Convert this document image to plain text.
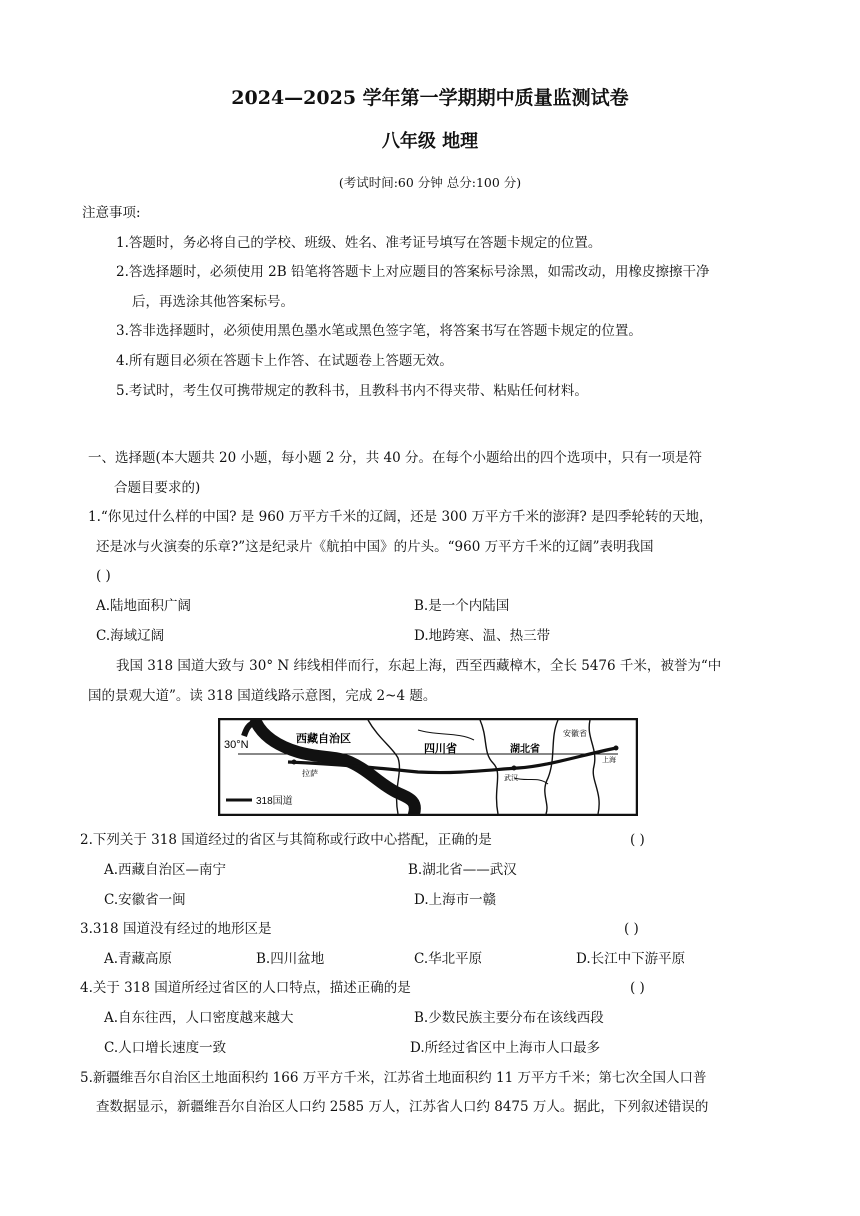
2024—2025 学年第一学期期中质量监测试卷
八年级 地理
(考试时间:60 分钟 总分:100 分)
注意事项:
1.答题时，务必将自己的学校、班级、姓名、准考证号填写在答题卡规定的位置。
2.答选择题时，必须使用 2B 铅笔将答题卡上对应题目的答案标号涂黑，如需改动，用橡皮擦擦干净
后，再选涂其他答案标号。
3.答非选择题时，必须使用黑色墨水笔或黑色签字笔，将答案书写在答题卡规定的位置。
4.所有题目必须在答题卡上作答、在试题卷上答题无效。
5.考试时，考生仅可携带规定的教科书，且教科书内不得夹带、粘贴任何材料。
一、选择题(本大题共 20 小题，每小题 2 分，共 40 分。在每个小题给出的四个选项中，只有一项是符
合题目要求的)
1.“你见过什么样的中国? 是 960 万平方千米的辽阔，还是 300 万平方千米的澎湃? 是四季轮转的天地，
还是冰与火演奏的乐章?”这是纪录片《航拍中国》的片头。“960 万平方千米的辽阔”表明我国
( )
A.陆地面积广阔	B.是一个内陆国
C.海域辽阔	D.地跨寒、温、热三带
我国 318 国道大致与 30° N 纬线相伴而行，东起上海，西至西藏樟木，全长 5476 千米，被誉为“中
国的景观大道”。读 318 国道线路示意图，完成 2~4 题。
30°N	西藏自治区
四川省	湖北省
安徽省
上海
拉萨
武汉
318国道
2.下列关于 318 国道经过的省区与其简称或行政中心搭配，正确的是	( )
A.西藏自治区—南宁	B.湖北省——武汉
C.安徽省一闽	D.上海市一赣
3.318 国道没有经过的地形区是	( )
A.青藏高原	B.四川盆地	C.华北平原	D.长江中下游平原
4.关于 318 国道所经过省区的人口特点，描述正确的是	( )
A.自东往西，人口密度越来越大	B.少数民族主要分布在该线西段
C.人口增长速度一致	D.所经过省区中上海市人口最多
5.新疆维吾尔自治区土地面积约 166 万平方千米，江苏省土地面积约 11 万平方千米；第七次全国人口普
查数据显示，新疆维吾尔自治区人口约 2585 万人，江苏省人口约 8475 万人。据此，下列叙述错误的
